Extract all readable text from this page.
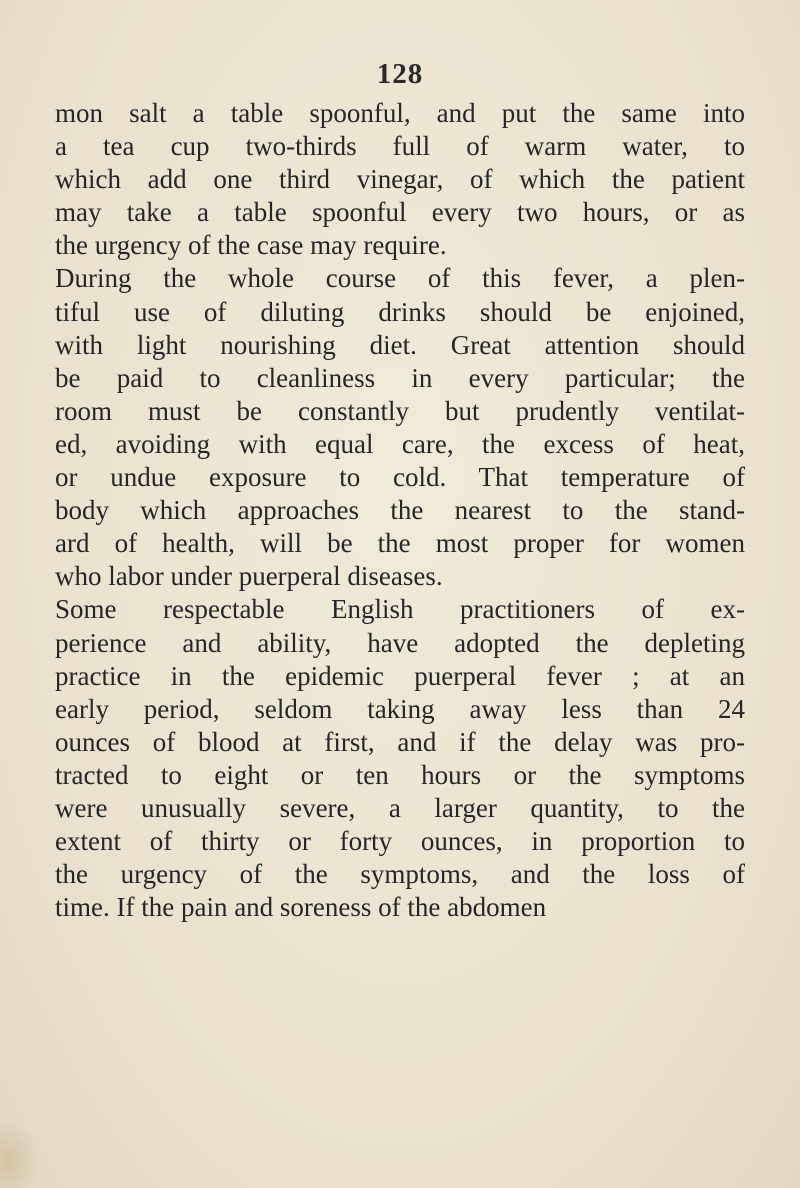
128
mon salt a table spoonful, and put the same into
a tea cup two-thirds full of warm water, to
which add one third vinegar, of which the patient
may take a table spoonful every two hours, or as
the urgency of the case may require.
During the whole course of this fever, a plen-
tiful use of diluting drinks should be enjoined,
with light nourishing diet. Great attention should
be paid to cleanliness in every particular; the
room must be constantly but prudently ventilat-
ed, avoiding with equal care, the excess of heat,
or undue exposure to cold. That temperature of
body which approaches the nearest to the stand-
ard of health, will be the most proper for women
who labor under puerperal diseases.
Some respectable English practitioners of ex-
perience and ability, have adopted the depleting
practice in the epidemic puerperal fever ; at an
early period, seldom taking away less than 24
ounces of blood at first, and if the delay was pro-
tracted to eight or ten hours or the symptoms
were unusually severe, a larger quantity, to the
extent of thirty or forty ounces, in proportion to
the urgency of the symptoms, and the loss of
time. If the pain and soreness of the abdomen
